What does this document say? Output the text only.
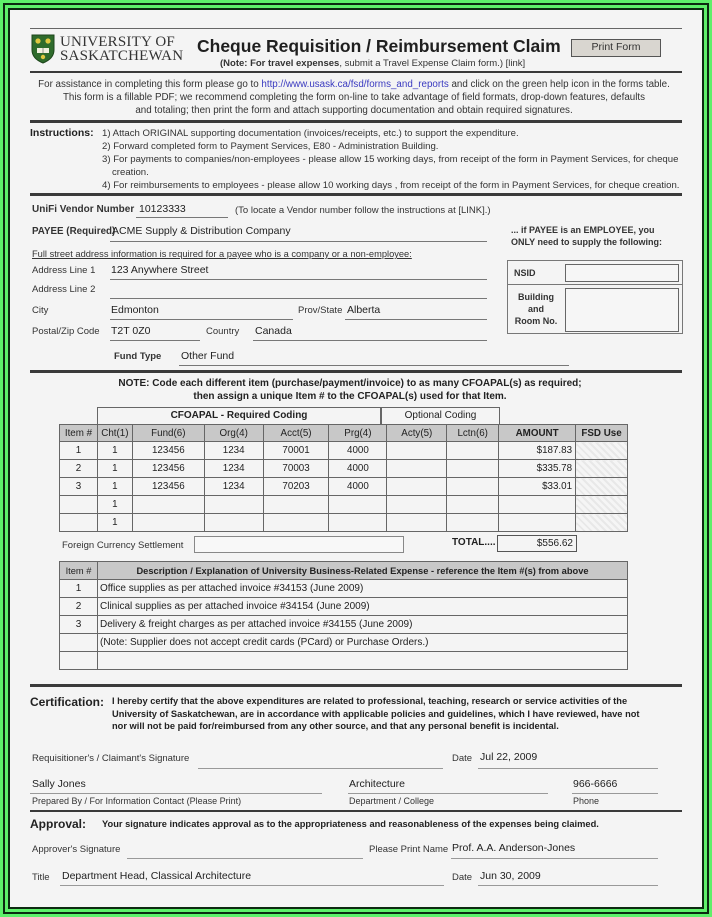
UNIVERSITY OF
SASKATCHEWAN Cheque Requisition / Reimbursement Claim
(Note: For travel expenses, submit a Travel Expense Claim form.) [link]
Print Form
For assistance in completing this form please go to http://www.usask.ca/fsd/forms_and_reports and click on the green help icon in the forms table.
This form is a fillable PDF; we recommend completing the form on-line to take advantage of field formats, drop-down features, defaults
and totaling; then print the form and attach supporting documentation and obtain required signatures.
Instructions: 1) Attach ORIGINAL supporting documentation (invoices/receipts, etc.) to support the expenditure.
2) Forward completed form to Payment Services, E80 - Administration Building.
3) For payments to companies/non-employees - please allow 15 working days, from receipt of the form in Payment Services, for cheque
creation.
4) For reimbursements to employees - please allow 10 working days , from receipt of the form in Payment Services, for cheque creation.
UniFi Vendor Number 10123333	(To locate a Vendor number follow the instructions at [LINK].)
PAYEE (Required)
ACME Supply & Distribution Company	... if PAYEE is an EMPLOYEE, you
ONLY need to supply the following:
Full street address information is required for a payee who is a company or a non-employee:
Address Line 1 123 Anywhere Street
Address Line 2
City	Edmonton	Prov/State Alberta
Postal/Zip Code T2T 0Z0	Country Canada
Fund Type Other Fund
NSID
Building
and
Room No.
NOTE: Code each different item (purchase/payment/invoice) to as many CFOAPAL(s) as required;
then assign a unique Item # to the CFOAPAL(s) used for that Item.
CFOAPAL - Required Coding	Optional Coding
Item #	Cht(1)	Fund(6)	Org(4)	Acct(5)	Prg(4)	Acty(5)	Lctn(6)	AMOUNT	FSD Use
1	1	123456	1234	70001	4000			$187.83	
2	1	123456	1234	70003	4000			$335.78	
3	1	123456	1234	70203	4000			$33.01	
	1								
	1								
Foreign Currency Settlement	TOTAL....	$556.62
Item #	Description / Explanation of University Business-Related Expense - reference the Item #(s) from above
1	Office supplies as per attached invoice #34153 (June 2009)
2	Clinical supplies as per attached invoice #34154 (June 2009)
3	Delivery & freight charges as per attached invoice #34155 (June 2009)
	(Note: Supplier does not accept credit cards (PCard) or Purchase Orders.)

Certification: I hereby certify that the above expenditures are related to professional, teaching, research or service activities of the
University of Saskatchewan, are in accordance with applicable policies and guidelines, which I have reviewed, have not
nor will not be paid for/reimbursed from any other source, and that any personal benefit is incidental.
Requisitioner's / Claimant's Signature	Date Jul 22, 2009
Sally Jones
Prepared By / For Information Contact (Please Print)
Architecture
Department / College
966-6666
Phone
Approval: Your signature indicates approval as to the appropriateness and reasonableness of the expenses being claimed.
Approver's Signature	Please Print Name Prof. A.A. Anderson-Jones
Title Department Head, Classical Architecture	Date Jun 30, 2009
